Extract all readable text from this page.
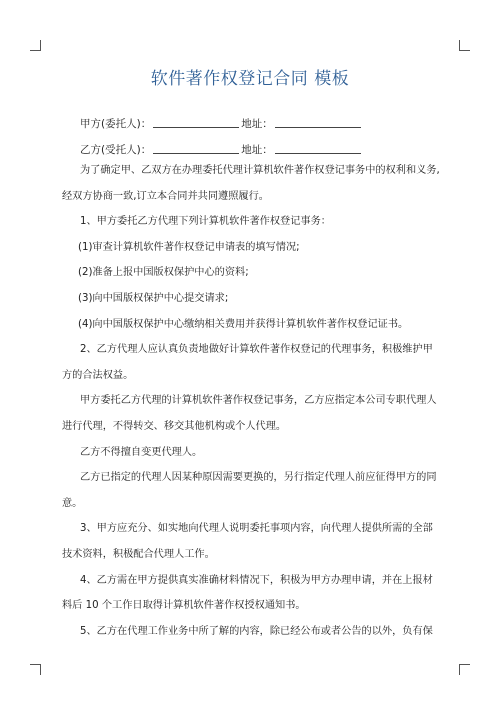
软件著作权登记合同 模板
甲方(委托人)：	地址：
乙方(受托人)：	地址：

为了确定甲、乙双方在办理委托代理计算机软件著作权登记事务中的权利和义务,

经双方协商一致,订立本合同并共同遵照履行。

1、甲方委托乙方代理下列计算机软件著作权登记事务：

(1)审查计算机软件著作权登记申请表的填写情况;

(2)准备上报中国版权保护中心的资料;

(3)向中国版权保护中心提交请求;

(4)向中国版权保护中心缴纳相关费用并获得计算机软件著作权登记证书。

2、乙方代理人应认真负责地做好计算软件著作权登记的代理事务，积极维护甲

方的合法权益。

甲方委托乙方代理的计算机软件著作权登记事务，乙方应指定本公司专职代理人

进行代理，不得转交、移交其他机构或个人代理。

乙方不得擅自变更代理人。

乙方已指定的代理人因某种原因需要更换的，另行指定代理人前应征得甲方的同

意。

3、甲方应充分、如实地向代理人说明委托事项内容，向代理人提供所需的全部

技术资料，积极配合代理人工作。

4、乙方需在甲方提供真实准确材料情况下，积极为甲方办理申请，并在上报材

料后 10 个工作日取得计算机软件著作权授权通知书。

5、乙方在代理工作业务中所了解的内容，除已经公布或者公告的以外，负有保
